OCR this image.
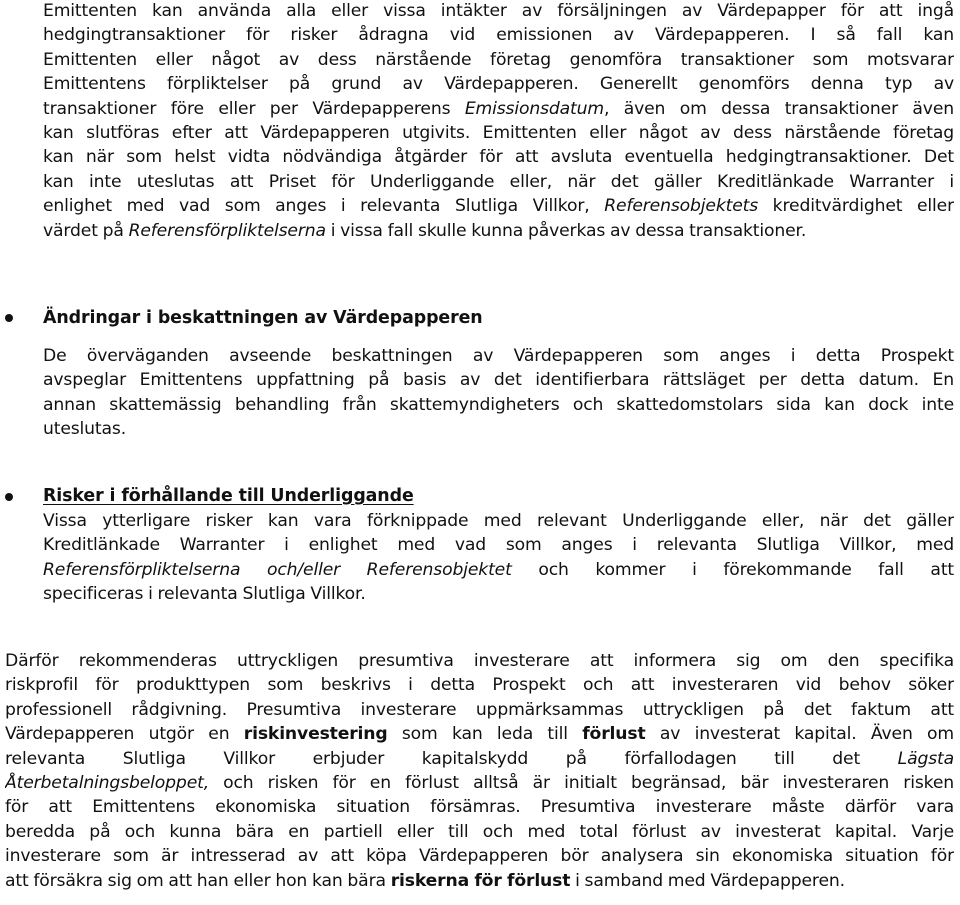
Emittenten kan använda alla eller vissa intäkter av försäljningen av Värdepapper för att ingå
hedgingtransaktioner för risker ådragna vid emissionen av Värdepapperen. I så fall kan
Emittenten eller något av dess närstående företag genomföra transaktioner som motsvarar
Emittentens förpliktelser på grund av Värdepapperen. Generellt genomförs denna typ av
transaktioner före eller per Värdepapperens Emissionsdatum, även om dessa transaktioner även
kan slutföras efter att Värdepapperen utgivits. Emittenten eller något av dess närstående företag
kan när som helst vidta nödvändiga åtgärder för att avsluta eventuella hedgingtransaktioner. Det
kan inte uteslutas att Priset för Underliggande eller, när det gäller Kreditlänkade Warranter i
enlighet med vad som anges i relevanta Slutliga Villkor, Referensobjektets kreditvärdighet eller
värdet på Referensförpliktelserna i vissa fall skulle kunna påverkas av dessa transaktioner.
Ändringar i beskattningen av Värdepapperen
De överväganden avseende beskattningen av Värdepapperen som anges i detta Prospekt
avspeglar Emittentens uppfattning på basis av det identifierbara rättsläget per detta datum. En
annan skattemässig behandling från skattemyndigheters och skattedomstolars sida kan dock inte
uteslutas.
Risker i förhållande till Underliggande
Vissa ytterligare risker kan vara förknippade med relevant Underliggande eller, när det gäller
Kreditlänkade Warranter i enlighet med vad som anges i relevanta Slutliga Villkor, med
Referensförpliktelserna och/eller Referensobjektet och kommer i förekommande fall att
specificeras i relevanta Slutliga Villkor.
Därför rekommenderas uttryckligen presumtiva investerare att informera sig om den specifika
riskprofil för produkttypen som beskrivs i detta Prospekt och att investeraren vid behov söker
professionell rådgivning. Presumtiva investerare uppmärksammas uttryckligen på det faktum att
Värdepapperen utgör en riskinvestering som kan leda till förlust av investerat kapital. Även om
relevanta Slutliga Villkor erbjuder kapitalskydd på förfallodagen till det Lägsta
Återbetalningsbeloppet, och risken för en förlust alltså är initialt begränsad, bär investeraren risken
för att Emittentens ekonomiska situation försämras. Presumtiva investerare måste därför vara
beredda på och kunna bära en partiell eller till och med total förlust av investerat kapital. Varje
investerare som är intresserad av att köpa Värdepapperen bör analysera sin ekonomiska situation för
att försäkra sig om att han eller hon kan bära riskerna för förlust i samband med Värdepapperen.
